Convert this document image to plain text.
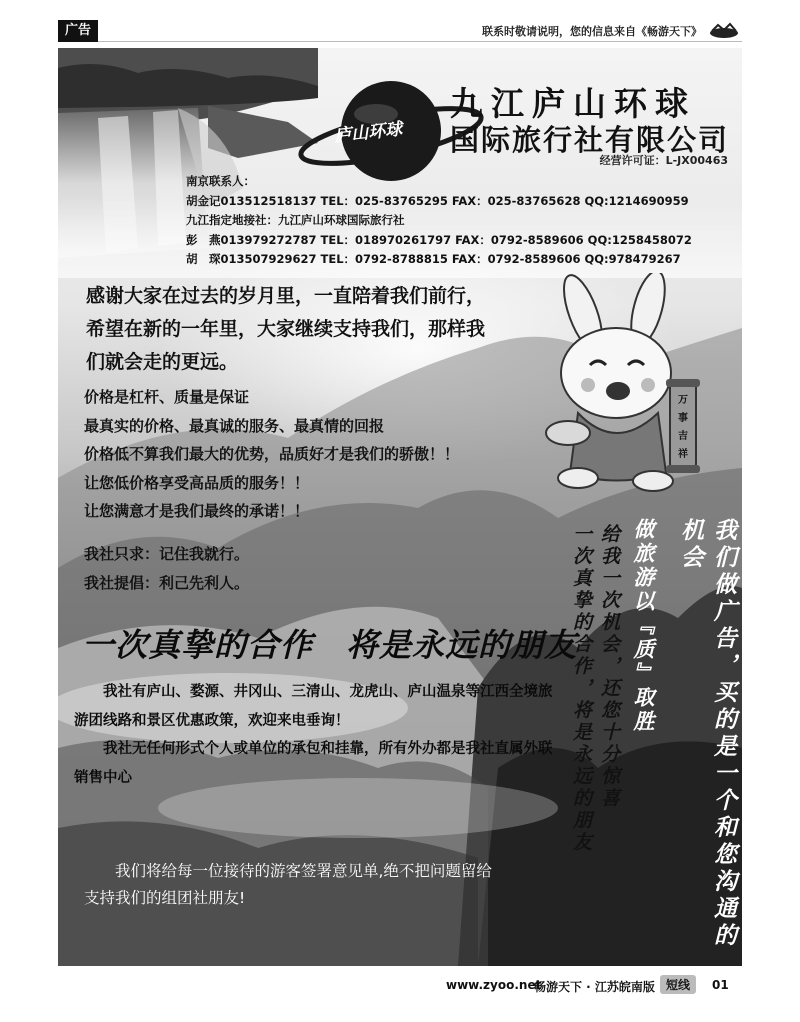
广告	联系时敬请说明，您的信息来自《畅游天下》
庐山环球
九江庐山环球
国际旅行社有限公司
经营许可证：L-JX00463
南京联系人：
胡金记013512518137 TEL：025-83765295 FAX：025-83765628 QQ:1214690959
九江指定地接社：九江庐山环球国际旅行社
彭　燕013979272787 TEL：018970261797 FAX：0792-8589606 QQ:1258458072
胡　琛013507929627 TEL：0792-8788815 FAX：0792-8589606 QQ:978479267
感谢大家在过去的岁月里，一直陪着我们前行，
希望在新的一年里，大家继续支持我们，那样我
们就会走的更远。
万
事
吉
祥
价格是杠杆、质量是保证
最真实的价格、最真诚的服务、最真情的回报
价格低不算我们最大的优势，品质好才是我们的骄傲！！
让您低价格享受高品质的服务！！
让您满意才是我们最终的承诺！！
我社只求：记住我就行。
我社提倡：利己先利人。
一次真挚的合作　将是永远的朋友
我社有庐山、婺源、井冈山、三清山、龙虎山、庐山温泉等江西全境旅游团线路和景区优惠政策，欢迎来电垂询！
我社无任何形式个人或单位的承包和挂靠，所有外办都是我社直属外联销售中心
我们将给每一位接待的游客签署意见单,绝不把问题留给支持我们的组团社朋友!	我们做广告，买的是一个和您沟通的机会
做旅游以『质』取胜
给我一次机会，还您十分惊喜
一次真挚的合作，将是永远的朋友
www.zyoo.net
畅游天下 · 江苏皖南版 短线	01
